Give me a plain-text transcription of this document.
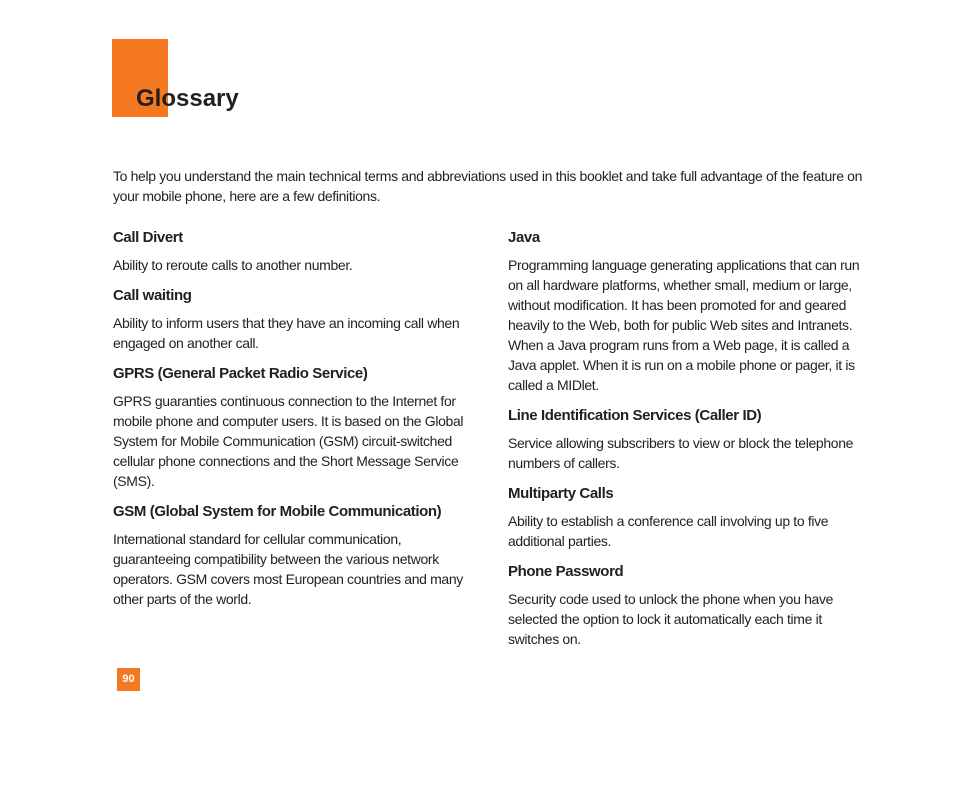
Glossary

To help you understand the main technical terms and abbreviations used in this booklet and take full advantage of the feature on your mobile phone, here are a few definitions.

Call Divert

Ability to reroute calls to another number.

Call waiting

Ability to inform users that they have an incoming call when engaged on another call.

GPRS (General Packet Radio Service)

GPRS guaranties continuous connection to the Internet for mobile phone and computer users. It is based on the Global System for Mobile Communication (GSM) circuit-switched cellular phone connections and the Short Message Service (SMS).

GSM (Global System for Mobile Communication)

International standard for cellular communication, guaranteeing compatibility between the various network operators. GSM covers most European countries and many other parts of the world.

Java

Programming language generating applications that can run on all hardware platforms, whether small, medium or large, without modification. It has been promoted for and geared heavily to the Web, both for public Web sites and Intranets. When a Java program runs from a Web page, it is called a Java applet. When it is run on a mobile phone or pager, it is called a MIDlet.

Line Identification Services (Caller ID)

Service allowing subscribers to view or block the telephone numbers of callers.

Multiparty Calls

Ability to establish a conference call involving up to five additional parties.

Phone Password

Security code used to unlock the phone when you have selected the option to lock it automatically each time it switches on.

90
